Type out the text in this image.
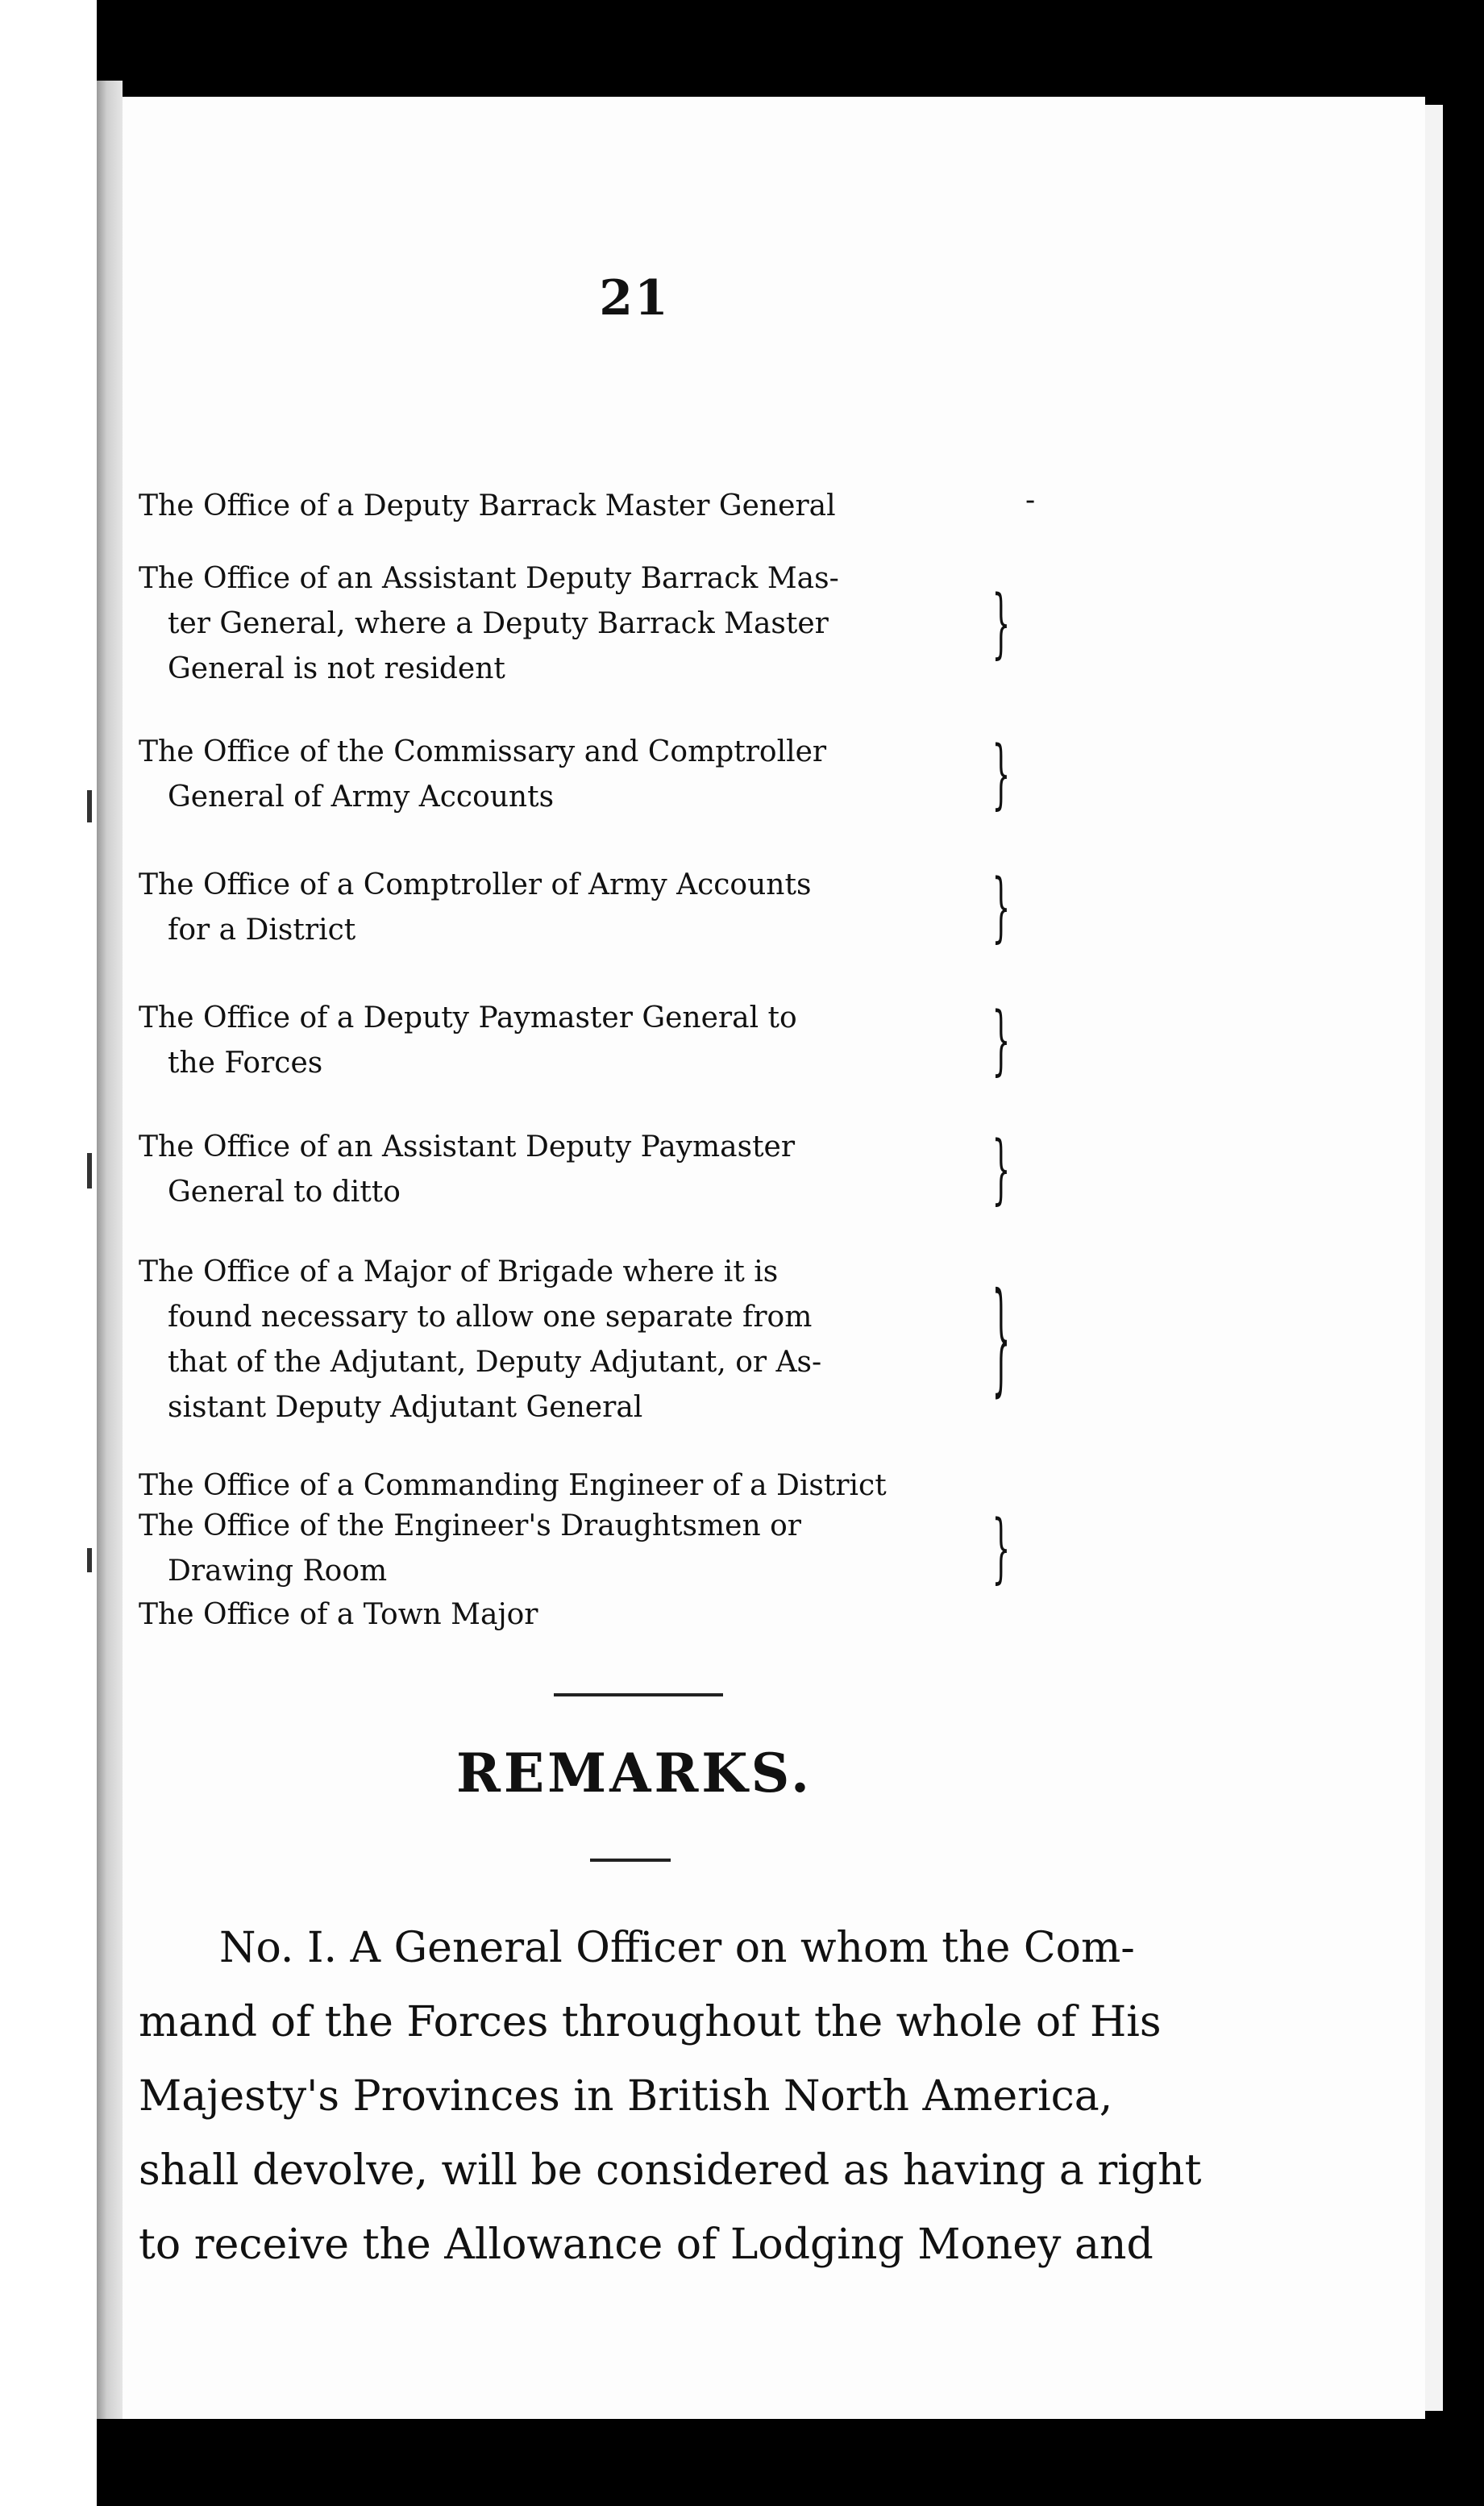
21
The Office of a Deputy Barrack Master General	-
The Office of an Assistant Deputy Barrack Mas-
ter General, where a Deputy Barrack Master
General is not resident
}
The Office of the Commissary and Comptroller
General of Army Accounts	}
The Office of a Comptroller of Army Accounts
for a District	}
The Office of a Deputy Paymaster General to
the Forces	}
The Office of an Assistant Deputy Paymaster
General to ditto	}
The Office of a Major of Brigade where it is
found necessary to allow one separate from
that of the Adjutant, Deputy Adjutant, or As-
sistant Deputy Adjutant General	}
The Office of a Commanding Engineer of a District
The Office of the Engineer's Draughtsmen or
Drawing Room	}
The Office of a Town Major
REMARKS.
No. I. A General Officer on whom the Com-
mand of the Forces throughout the whole of His
Majesty's Provinces in British North America,
shall devolve, will be considered as having a right
to receive the Allowance of Lodging Money and
